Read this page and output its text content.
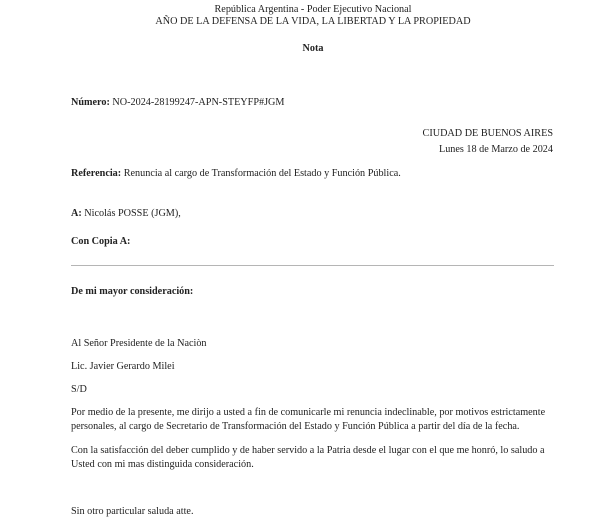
República Argentina - Poder Ejecutivo Nacional
AÑO DE LA DEFENSA DE LA VIDA, LA LIBERTAD Y LA PROPIEDAD
Nota
Número: NO-2024-28199247-APN-STEYFP#JGM
CIUDAD DE BUENOS AIRES
Lunes 18 de Marzo de 2024
Referencia: Renuncia al cargo de Transformación del Estado y Función Pública.
A: Nicolás POSSE (JGM),
Con Copia A:
De mi mayor consideración:
Al Señor Presidente de la Naciòn
Lic. Javier Gerardo Milei
S/D
Por medio de la presente, me dirijo a usted a fin de comunicarle mi renuncia indeclinable, por motivos estrictamente personales, al cargo de Secretario de Transformación del Estado y Función Pública a partir del día de la fecha.
Con la satisfacción del deber cumplido y de haber servido a la Patria desde el lugar con el que me honró, lo saludo a Usted con mi mas distinguida consideración.
Sin otro particular saluda atte.
